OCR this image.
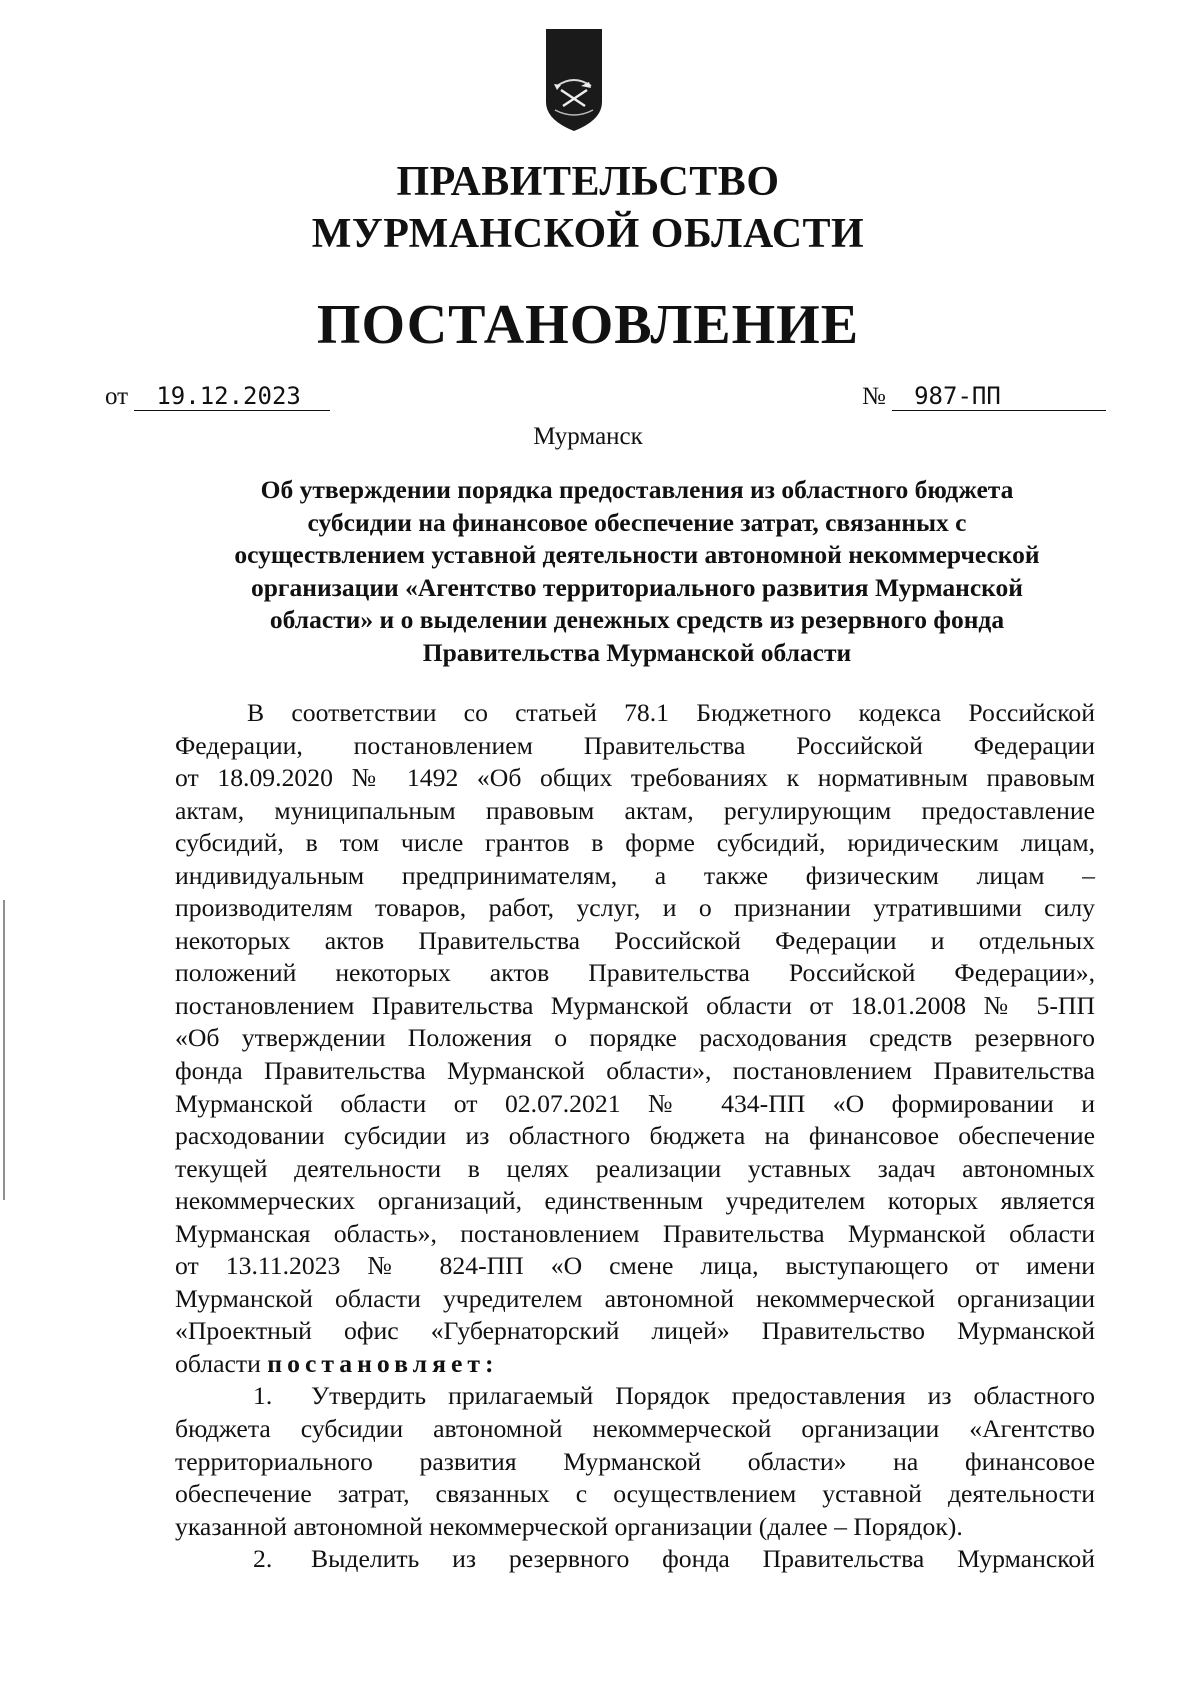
ПРАВИТЕЛЬСТВО
МУРМАНСКОЙ ОБЛАСТИ
ПОСТАНОВЛЕНИЕ
от 19.12.2023	№ 987-ПП
Мурманск
Об утверждении порядка предоставления из областного бюджета
субсидии на финансовое обеспечение затрат, связанных с
осуществлением уставной деятельности автономной некоммерческой
организации «Агентство территориального развития Мурманской
области» и о выделении денежных средств из резервного фонда
Правительства Мурманской области
В соответствии со статьей 78.1 Бюджетного кодекса Российской
Федерации, постановлением Правительства Российской Федерации
от 18.09.2020 № 1492 «Об общих требованиях к нормативным правовым
актам, муниципальным правовым актам, регулирующим предоставление
субсидий, в том числе грантов в форме субсидий, юридическим лицам,
индивидуальным предпринимателям, а также физическим лицам –
производителям товаров, работ, услуг, и о признании утратившими силу
некоторых актов Правительства Российской Федерации и отдельных
положений некоторых актов Правительства Российской Федерации»,
постановлением Правительства Мурманской области от 18.01.2008 № 5-ПП
«Об утверждении Положения о порядке расходования средств резервного
фонда Правительства Мурманской области», постановлением Правительства
Мурманской области от 02.07.2021 № 434-ПП «О формировании и
расходовании субсидии из областного бюджета на финансовое обеспечение
текущей деятельности в целях реализации уставных задач автономных
некоммерческих организаций, единственным учредителем которых является
Мурманская область», постановлением Правительства Мурманской области
от 13.11.2023 № 824-ПП «О смене лица, выступающего от имени
Мурманской области учредителем автономной некоммерческой организации
«Проектный офис «Губернаторский лицей» Правительство Мурманской
области постановляет:
1. Утвердить прилагаемый Порядок предоставления из областного
бюджета субсидии автономной некоммерческой организации «Агентство
территориального развития Мурманской области» на финансовое
обеспечение затрат, связанных с осуществлением уставной деятельности
указанной автономной некоммерческой организации (далее – Порядок).
2. Выделить из резервного фонда Правительства Мурманской
